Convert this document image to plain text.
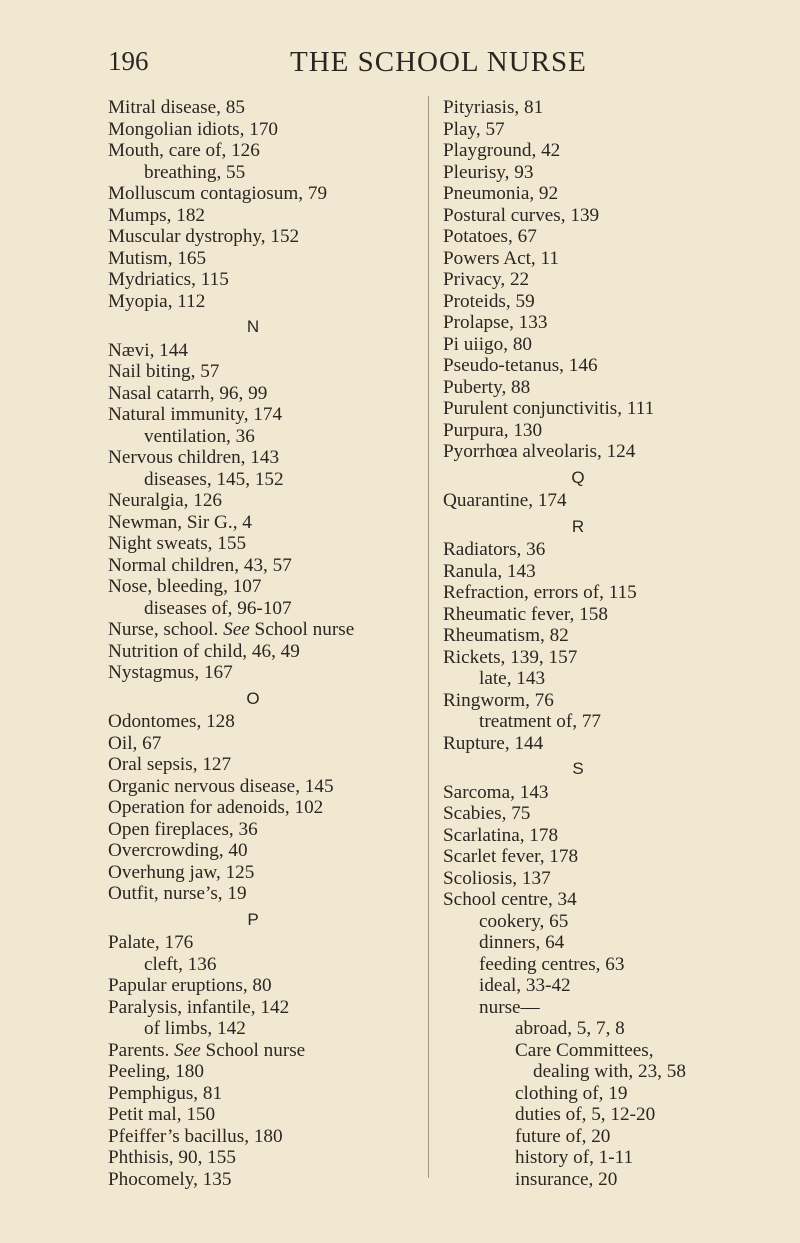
196	THE SCHOOL NURSE
Mitral disease, 85
Mongolian idiots, 170
Mouth, care of, 126
breathing, 55
Molluscum contagiosum, 79
Mumps, 182
Muscular dystrophy, 152
Mutism, 165
Mydriatics, 115
Myopia, 112
N
Nævi, 144
Nail biting, 57
Nasal catarrh, 96, 99
Natural immunity, 174
ventilation, 36
Nervous children, 143
diseases, 145, 152
Neuralgia, 126
Newman, Sir G., 4
Night sweats, 155
Normal children, 43, 57
Nose, bleeding, 107
diseases of, 96-107
Nurse, school. See School nurse
Nutrition of child, 46, 49
Nystagmus, 167
O
Odontomes, 128
Oil, 67
Oral sepsis, 127
Organic nervous disease, 145
Operation for adenoids, 102
Open fireplaces, 36
Overcrowding, 40
Overhung jaw, 125
Outfit, nurse’s, 19
P
Palate, 176
cleft, 136
Papular eruptions, 80
Paralysis, infantile, 142
of limbs, 142
Parents. See School nurse
Peeling, 180
Pemphigus, 81
Petit mal, 150
Pfeiffer’s bacillus, 180
Phthisis, 90, 155
Phocomely, 135
Pityriasis, 81
Play, 57
Playground, 42
Pleurisy, 93
Pneumonia, 92
Postural curves, 139
Potatoes, 67
Powers Act, 11
Privacy, 22
Proteids, 59
Prolapse, 133
Pi uiigo, 80
Pseudo-tetanus, 146
Puberty, 88
Purulent conjunctivitis, 111
Purpura, 130
Pyorrhœa alveolaris, 124
Q
Quarantine, 174
R
Radiators, 36
Ranula, 143
Refraction, errors of, 115
Rheumatic fever, 158
Rheumatism, 82
Rickets, 139, 157
late, 143
Ringworm, 76
treatment of, 77
Rupture, 144
S
Sarcoma, 143
Scabies, 75
Scarlatina, 178
Scarlet fever, 178
Scoliosis, 137
School centre, 34
cookery, 65
dinners, 64
feeding centres, 63
ideal, 33-42
nurse—
abroad, 5, 7, 8
Care Committees,
dealing with, 23, 58
clothing of, 19
duties of, 5, 12-20
future of, 20
history of, 1-11
insurance, 20
